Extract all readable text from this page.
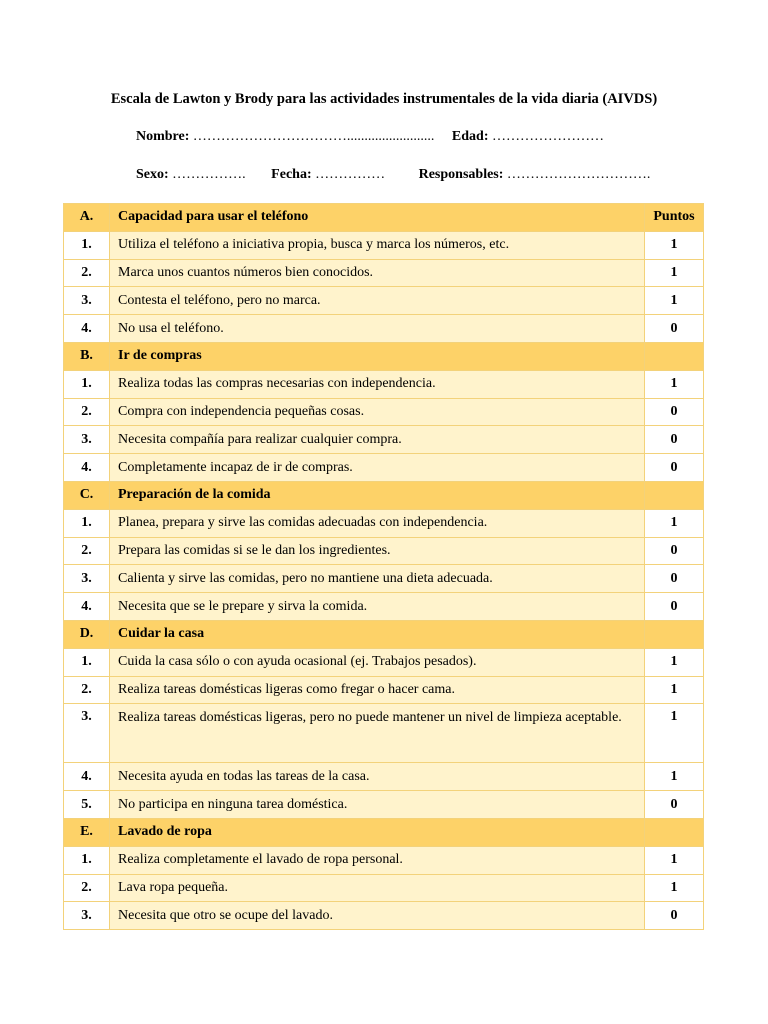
Escala de Lawton y Brody para las actividades instrumentales de la vida diaria (AIVDS)
Nombre: ……………………………......................... Edad: ……………………
Sexo: ……………. Fecha: …………… Responsables: ………………………….
A.	Capacidad para usar el teléfono	Puntos
1.	Utiliza el teléfono a iniciativa propia, busca y marca los números, etc.	1
2.	Marca unos cuantos números bien conocidos.	1
3.	Contesta el teléfono, pero no marca.	1
4.	No usa el teléfono.	0
B.	Ir de compras	
1.	Realiza todas las compras necesarias con independencia.	1
2.	Compra con independencia pequeñas cosas.	0
3.	Necesita compañía para realizar cualquier compra.	0
4.	Completamente incapaz de ir de compras.	0
C.	Preparación de la comida	
1.	Planea, prepara y sirve las comidas adecuadas con independencia.	1
2.	Prepara las comidas si se le dan los ingredientes.	0
3.	Calienta y sirve las comidas, pero no mantiene una dieta adecuada.	0
4.	Necesita que se le prepare y sirva la comida.	0
D.	Cuidar la casa	
1.	Cuida la casa sólo o con ayuda ocasional (ej. Trabajos pesados).	1
2.	Realiza tareas domésticas ligeras como fregar o hacer cama.	1
3.	Realiza tareas domésticas ligeras, pero no puede mantener un nivel de limpieza aceptable.	1
4.	Necesita ayuda en todas las tareas de la casa.	1
5.	No participa en ninguna tarea doméstica.	0
E.	Lavado de ropa	
1.	Realiza completamente el lavado de ropa personal.	1
2.	Lava ropa pequeña.	1
3.	Necesita que otro se ocupe del lavado.	0
